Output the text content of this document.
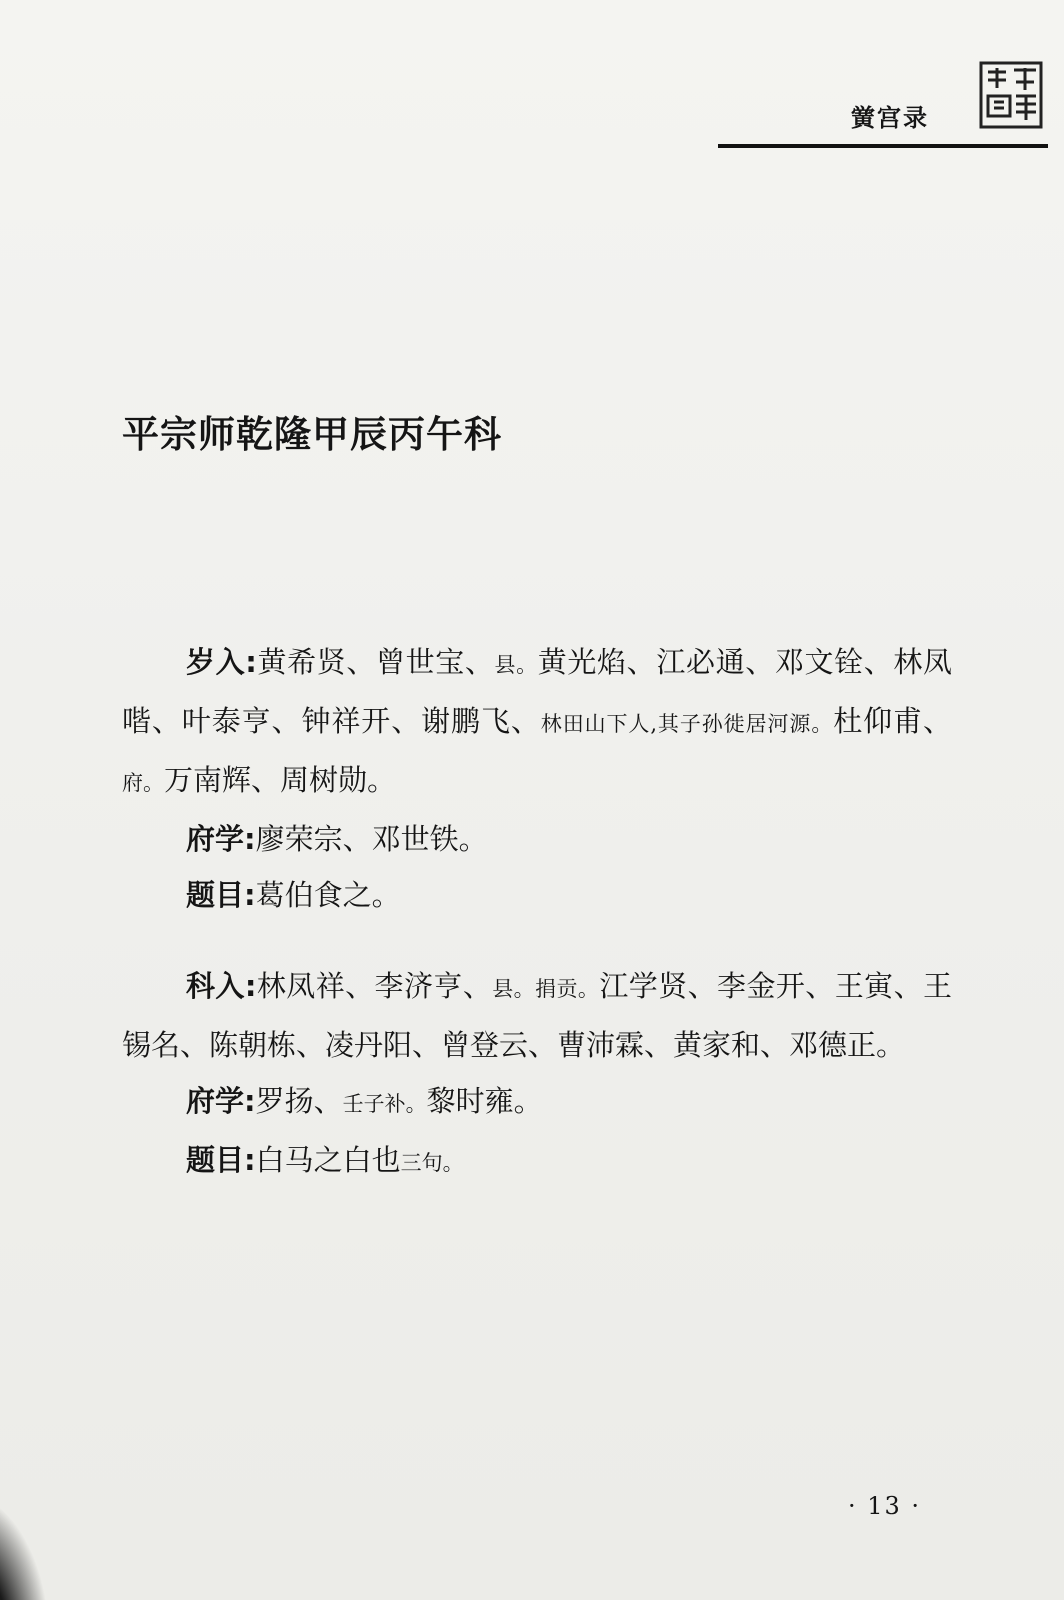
黉宫录
平宗师乾隆甲辰丙午科

岁入:黄希贤、曾世宝、县。黄光焰、江必通、邓文铨、林凤喈、叶泰亨、钟祥开、谢鹏飞、林田山下人,其子孙徙居河源。杜仰甫、府。万南辉、周树勋。

府学:廖荣宗、邓世铁。

题目:葛伯食之。

科入:林凤祥、李济亨、县。捐贡。江学贤、李金开、王寅、王锡名、陈朝栋、凌丹阳、曾登云、曹沛霖、黄家和、邓德正。

府学:罗扬、壬子补。黎时雍。

题目:白马之白也三句。

· 13 ·
